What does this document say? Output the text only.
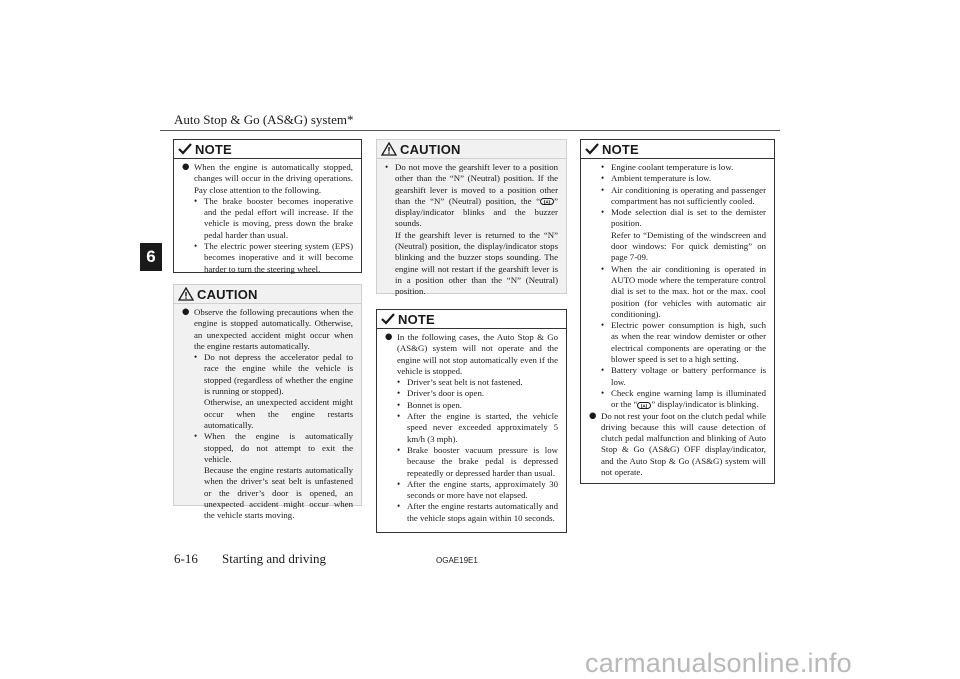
Auto Stop & Go (AS&G) system*
6
NOTE
● When the engine is automatically stopped, changes will occur in the driving operations. Pay close attention to the following.
• The brake booster becomes inoperative and the pedal effort will increase. If the vehicle is moving, press down the brake pedal harder than usual.
• The electric power steering system (EPS) becomes inoperative and it will become harder to turn the steering wheel.
CAUTION
● Observe the following precautions when the engine is stopped automatically. Otherwise, an unexpected accident might occur when the engine restarts automatically.
• Do not depress the accelerator pedal to race the engine while the vehicle is stopped (regardless of whether the engine is running or stopped).
Otherwise, an unexpected accident might occur when the engine restarts automatically.
• When the engine is automatically stopped, do not attempt to exit the vehicle.
Because the engine restarts automatically when the driver’s seat belt is unfastened or the driver’s door is opened, an unexpected accident might occur when the vehicle starts moving.
CAUTION
• Do not move the gearshift lever to a position other than the “N” (Neutral) position. If the gearshift lever is moved to a position other than the “N” (Neutral) position, the “ (A) ” display/indicator blinks and the buzzer sounds.
If the gearshift lever is returned to the “N” (Neutral) position, the display/indicator stops blinking and the buzzer stops sounding. The engine will not restart if the gearshift lever is in a position other than the “N” (Neutral) position.
NOTE
● In the following cases, the Auto Stop & Go (AS&G) system will not operate and the engine will not stop automatically even if the vehicle is stopped.
• Driver’s seat belt is not fastened.
• Driver’s door is open.
• Bonnet is open.
• After the engine is started, the vehicle speed never exceeded approximately 5 km/h (3 mph).
• Brake booster vacuum pressure is low because the brake pedal is depressed repeatedly or depressed harder than usual.
• After the engine starts, approximately 30 seconds or more have not elapsed.
• After the engine restarts automatically and the vehicle stops again within 10 seconds.
NOTE
• Engine coolant temperature is low.
• Ambient temperature is low.
• Air conditioning is operating and passenger compartment has not sufficiently cooled.
• Mode selection dial is set to the demister position.
Refer to “Demisting of the windscreen and door windows: For quick demisting” on page 7-09.
• When the air conditioning is operated in AUTO mode where the temperature control dial is set to the max. hot or the max. cool position (for vehicles with automatic air conditioning).
• Electric power consumption is high, such as when the rear window demister or other electrical components are operating or the blower speed is set to a high setting.
• Battery voltage or battery performance is low.
• Check engine warning lamp is illuminated or the “ (A) ” display/indicator is blinking.
● Do not rest your foot on the clutch pedal while driving because this will cause detection of clutch pedal malfunction and blinking of Auto Stop & Go (AS&G) OFF display/indicator, and the Auto Stop & Go (AS&G) system will not operate.
6-16 Starting and driving	OGAE19E1
carmanualsonline.info
